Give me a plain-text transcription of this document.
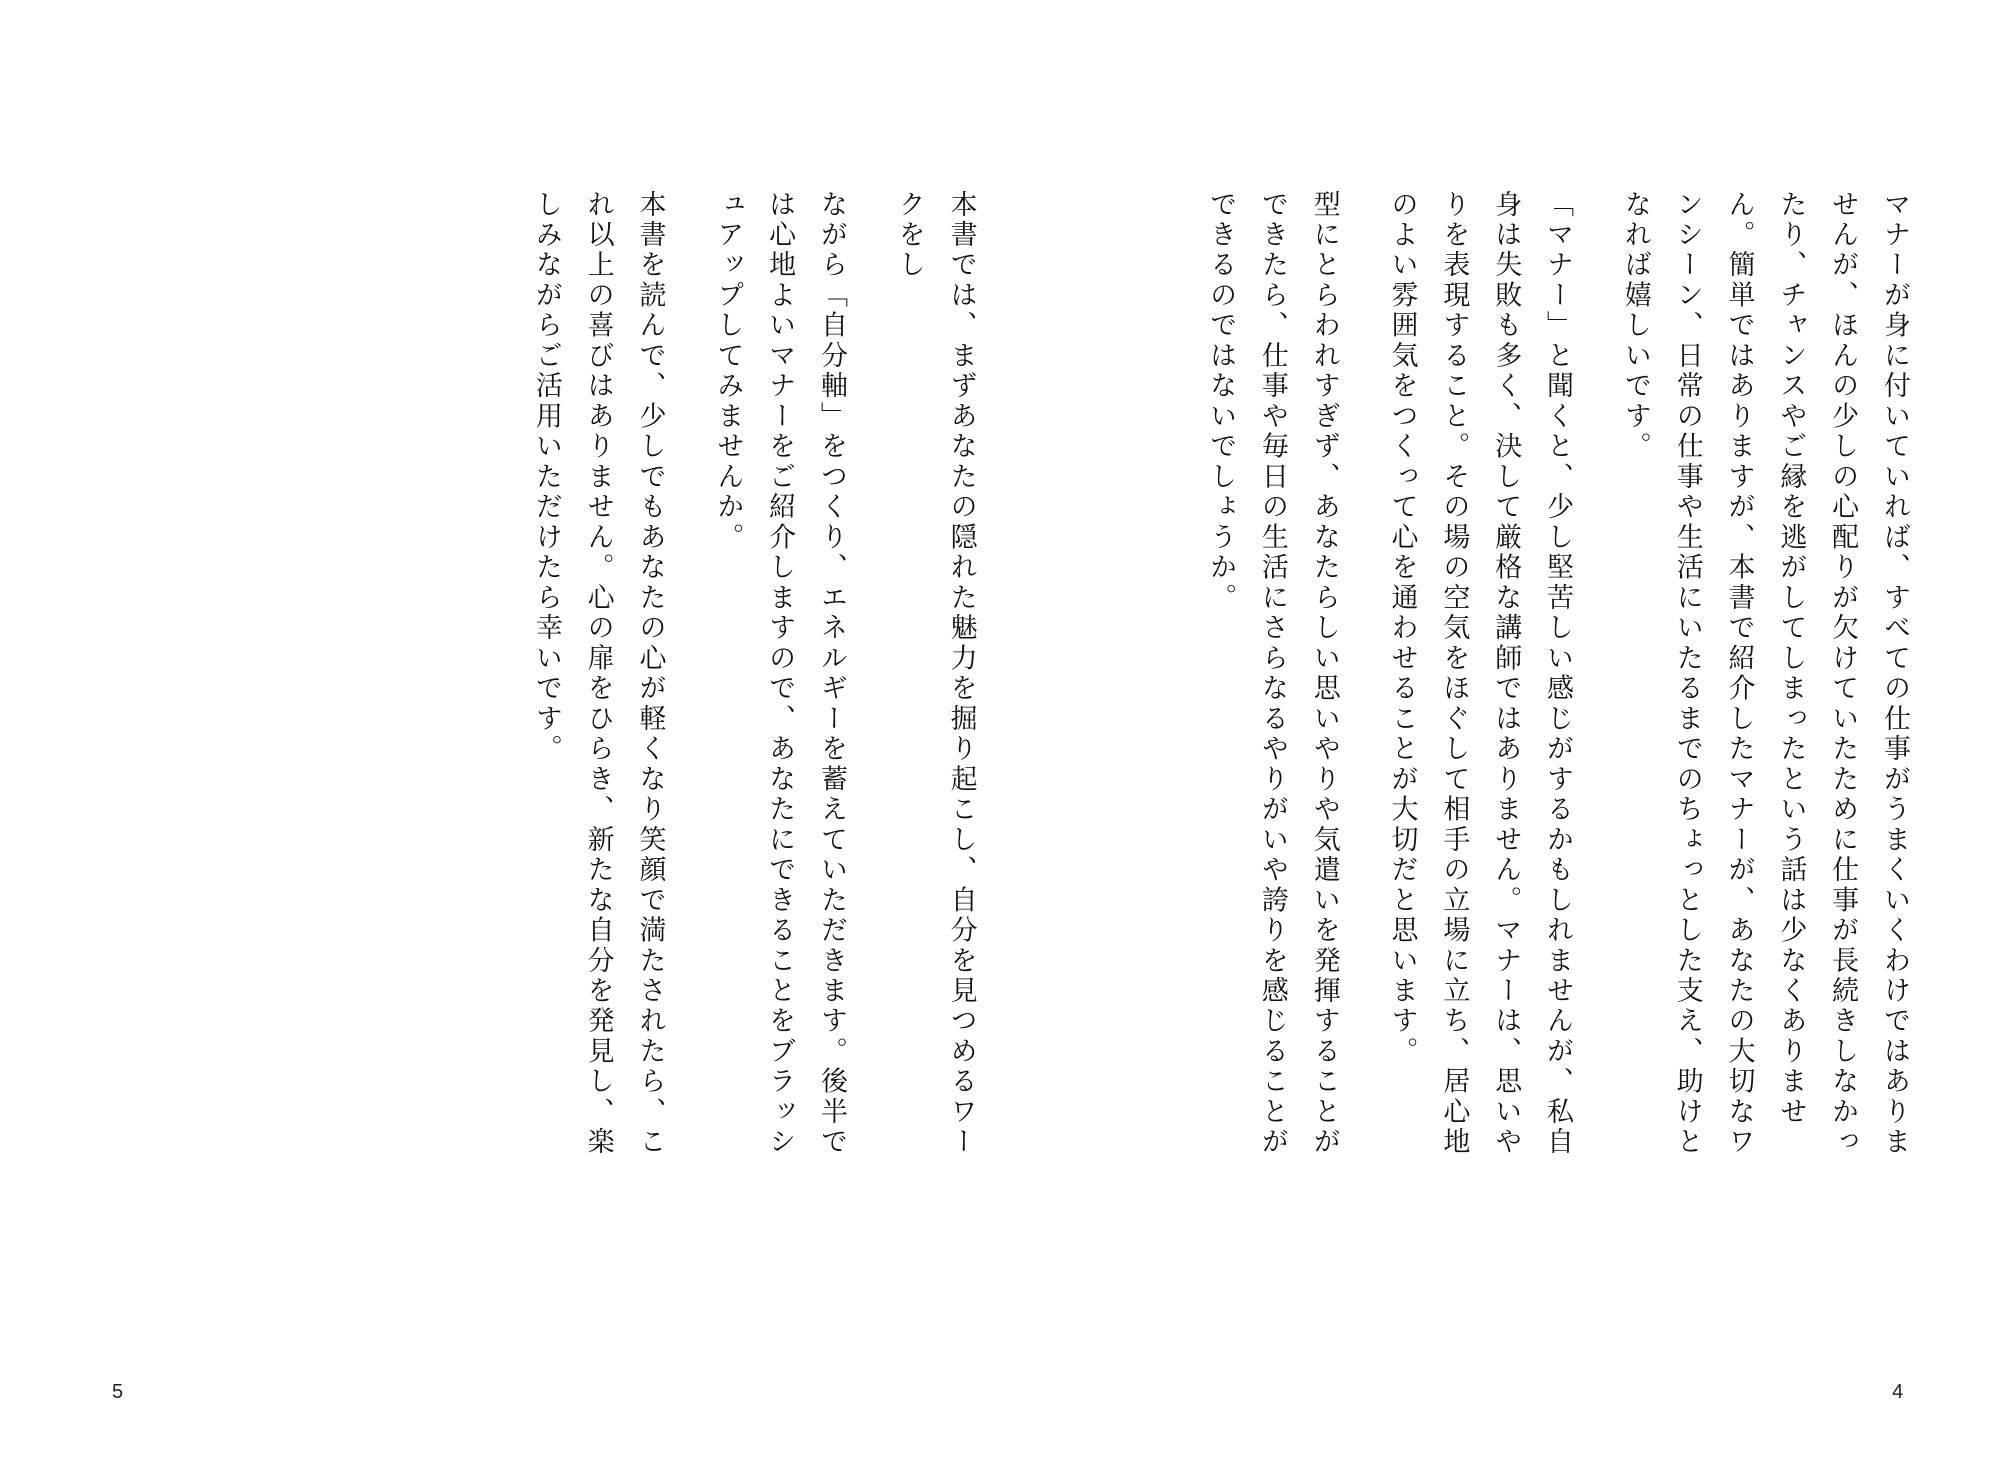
マナーが身に付いていれば、すべての仕事がうまくいくわけではありませんが、ほんの少しの心配りが欠けていたために仕事が長続きしなかったり、チャンスやご縁を逃がしてしまったという話は少なくありません。簡単ではありますが、本書で紹介したマナーが、あなたの大切なワンシーン、日常の仕事や生活にいたるまでのちょっとした支え、助けとなれば嬉しいです。
「マナー」と聞くと、少し堅苦しい感じがするかもしれませんが、私自身は失敗も多く、決して厳格な講師ではありません。マナーは、思いやりを表現すること。その場の空気をほぐして相手の立場に立ち、居心地のよい雰囲気をつくって心を通わせることが大切だと思います。
型にとらわれすぎず、あなたらしい思いやりや気遣いを発揮することができたら、仕事や毎日の生活にさらなるやりがいや誇りを感じることができるのではないでしょうか。
本書では、まずあなたの隠れた魅力を掘り起こし、自分を見つめるワークをし
ながら「自分軸」をつくり、エネルギーを蓄えていただきます。後半では心地よいマナーをご紹介しますので、あなたにできることをブラッシュアップしてみませんか。
本書を読んで、少しでもあなたの心が軽くなり笑顔で満たされたら、これ以上の喜びはありません。心の扉をひらき、新たな自分を発見し、楽しみながらご活用いただけたら幸いです。
4
5
